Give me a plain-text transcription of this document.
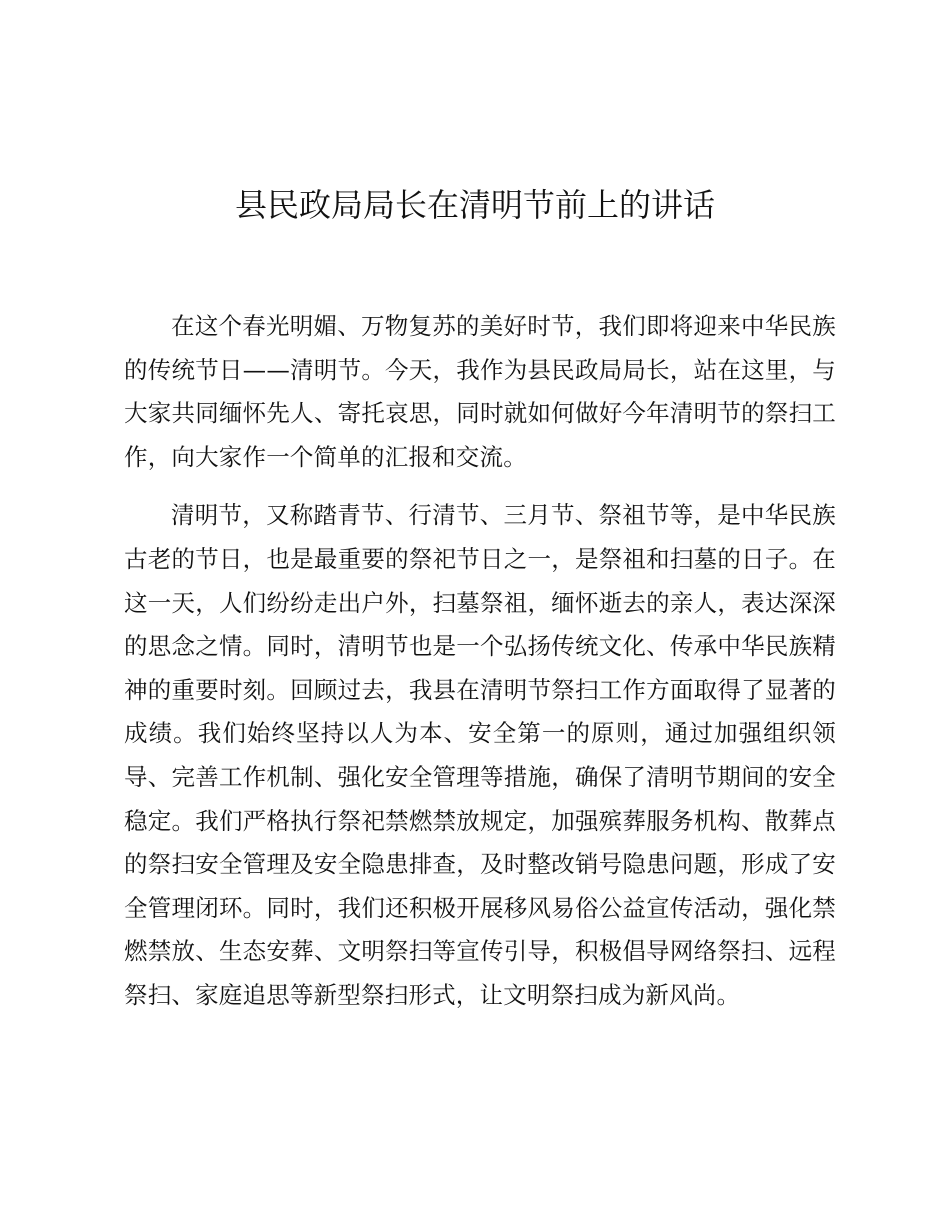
县民政局局长在清明节前上的讲话

在这个春光明媚、万物复苏的美好时节，我们即将迎来中华民族的传统节日——清明节。今天，我作为县民政局局长，站在这里，与大家共同缅怀先人、寄托哀思，同时就如何做好今年清明节的祭扫工作，向大家作一个简单的汇报和交流。

清明节，又称踏青节、行清节、三月节、祭祖节等，是中华民族古老的节日，也是最重要的祭祀节日之一，是祭祖和扫墓的日子。在这一天，人们纷纷走出户外，扫墓祭祖，缅怀逝去的亲人，表达深深的思念之情。同时，清明节也是一个弘扬传统文化、传承中华民族精神的重要时刻。回顾过去，我县在清明节祭扫工作方面取得了显著的成绩。我们始终坚持以人为本、安全第一的原则，通过加强组织领导、完善工作机制、强化安全管理等措施，确保了清明节期间的安全稳定。我们严格执行祭祀禁燃禁放规定，加强殡葬服务机构、散葬点的祭扫安全管理及安全隐患排查，及时整改销号隐患问题，形成了安全管理闭环。同时，我们还积极开展移风易俗公益宣传活动，强化禁燃禁放、生态安葬、文明祭扫等宣传引导，积极倡导网络祭扫、远程祭扫、家庭追思等新型祭扫形式，让文明祭扫成为新风尚。
